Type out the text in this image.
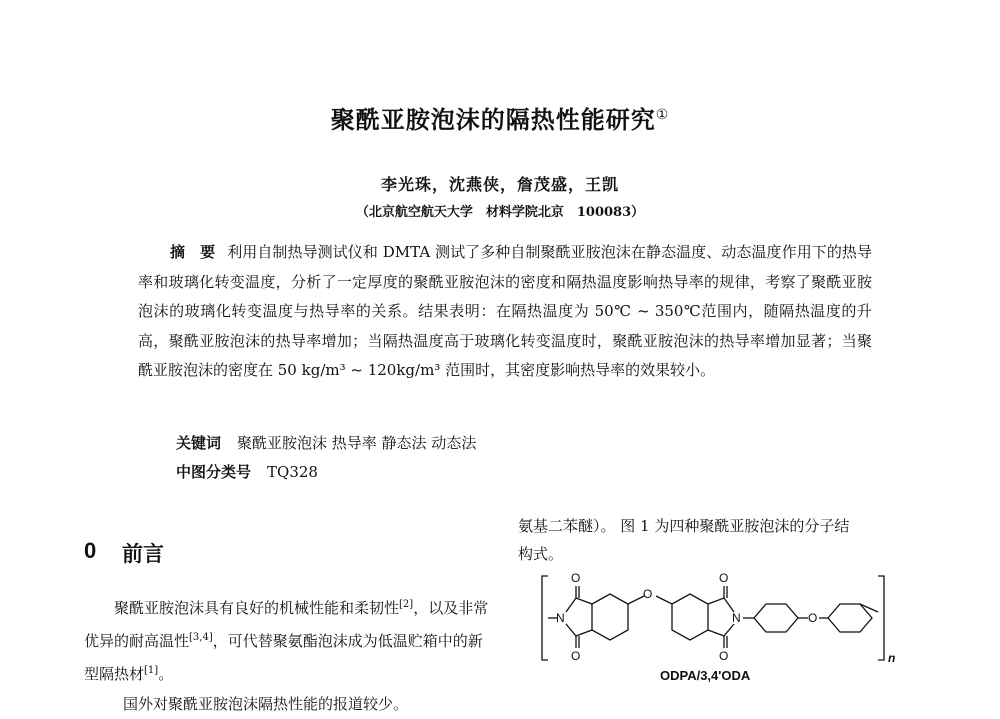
聚酰亚胺泡沫的隔热性能研究①
李光珠，沈燕侠，詹茂盛，王凯
（北京航空航天大学　材料学院北京　100083）
摘　要 利用自制热导测试仪和 DMTA 测试了多种自制聚酰亚胺泡沫在静态温度、动态温度作用下的热导率和玻璃化转变温度，分析了一定厚度的聚酰亚胺泡沫的密度和隔热温度影响热导率的规律，考察了聚酰亚胺泡沫的玻璃化转变温度与热导率的关系。结果表明：在隔热温度为 50℃ ~ 350℃范围内，随隔热温度的升高，聚酰亚胺泡沫的热导率增加；当隔热温度高于玻璃化转变温度时，聚酰亚胺泡沫的热导率增加显著；当聚酰亚胺泡沫的密度在 50 kg/m³ ~ 120kg/m³ 范围时，其密度影响热导率的效果较小。
关键词 聚酰亚胺泡沫 热导率 静态法 动态法
中图分类号 TQ328
0 前言

聚酰亚胺泡沫具有良好的机械性能和柔韧性[2]，以及非常优异的耐高温性[3,4]，可代替聚氨酯泡沫成为低温贮箱中的新型隔热材[1]。

国外对聚酰亚胺泡沫隔热性能的报道较少。

氨基二苯醚）。 图 1 为四种聚酰亚胺泡沫的分子结

构式。

n
N
O
O
O
O
O
N	O
ODPA/3,4'ODA
